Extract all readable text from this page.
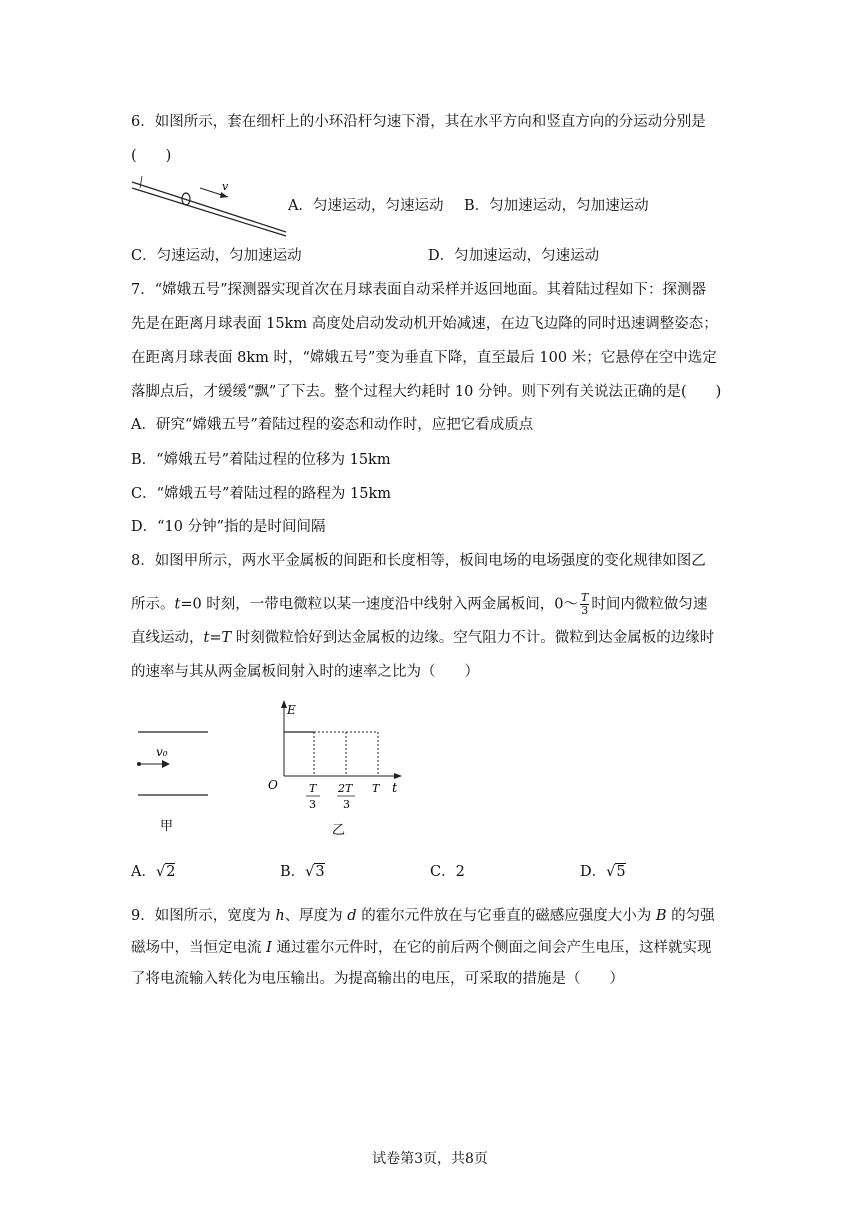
6．如图所示，套在细杆上的小环沿杆匀速下滑，其在水平方向和竖直方向的分运动分别是
(　　)
v
A．匀速运动，匀速运动 B．匀加速运动，匀加速运动
C．匀速运动，匀加速运动	D．匀加速运动，匀速运动
7．“嫦娥五号”探测器实现首次在月球表面自动采样并返回地面。其着陆过程如下：探测器
先是在距离月球表面 15km 高度处启动发动机开始减速，在边飞边降的同时迅速调整姿态；
在距离月球表面 8km 时，“嫦娥五号”变为垂直下降，直至最后 100 米；它悬停在空中选定
落脚点后，才缓缓“飘”了下去。整个过程大约耗时 10 分钟。则下列有关说法正确的是(　　)
A．研究“嫦娥五号”着陆过程的姿态和动作时，应把它看成质点
B．“嫦娥五号”着陆过程的位移为 15km
C．“嫦娥五号”着陆过程的路程为 15km
D．“10 分钟”指的是时间间隔
8．如图甲所示，两水平金属板的间距和长度相等，板间电场的电场强度的变化规律如图乙
所示。t=0 时刻，一带电微粒以某一速度沿中线射入两金属板间，0～ $\frac{T}{3}$ 时间内微粒做匀速
直线运动，t=T 时刻微粒恰好到达金属板的边缘。空气阻力不计。微粒到达金属板的边缘时
的速率与其从两金属板间射入时的速率之比为（　　）
v₀
甲
E
O	t
T
3
2T
3
T
乙
A．√2	B．√3	C．2	D．√5
9．如图所示，宽度为 h、厚度为 d 的霍尔元件放在与它垂直的磁感应强度大小为 B 的匀强
磁场中，当恒定电流 I 通过霍尔元件时，在它的前后两个侧面之间会产生电压，这样就实现
了将电流输入转化为电压输出。为提高输出的电压，可采取的措施是（　　）
试卷第3页，共8页
